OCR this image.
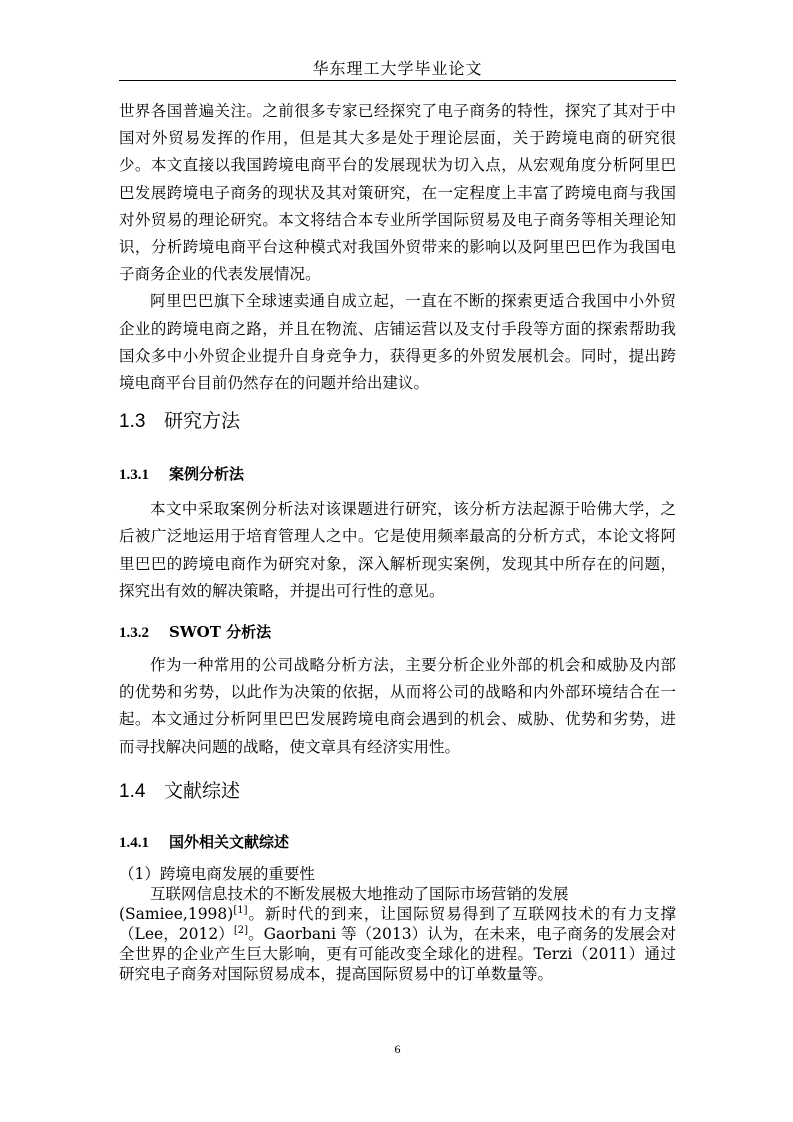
华东理工大学毕业论文

世界各国普遍关注。之前很多专家已经探究了电子商务的特性，探究了其对于中国对外贸易发挥的作用，但是其大多是处于理论层面，关于跨境电商的研究很少。本文直接以我国跨境电商平台的发展现状为切入点，从宏观角度分析阿里巴巴发展跨境电子商务的现状及其对策研究，在一定程度上丰富了跨境电商与我国对外贸易的理论研究。本文将结合本专业所学国际贸易及电子商务等相关理论知识，分析跨境电商平台这种模式对我国外贸带来的影响以及阿里巴巴作为我国电子商务企业的代表发展情况。

阿里巴巴旗下全球速卖通自成立起，一直在不断的探索更适合我国中小外贸企业的跨境电商之路，并且在物流、店铺运营以及支付手段等方面的探索帮助我国众多中小外贸企业提升自身竞争力，获得更多的外贸发展机会。同时，提出跨境电商平台目前仍然存在的问题并给出建议。

1.3 研究方法
1.3.1 案例分析法

本文中采取案例分析法对该课题进行研究，该分析方法起源于哈佛大学，之后被广泛地运用于培育管理人之中。它是使用频率最高的分析方式，本论文将阿里巴巴的跨境电商作为研究对象，深入解析现实案例，发现其中所存在的问题，探究出有效的解决策略，并提出可行性的意见。

1.3.2 SWOT 分析法

作为一种常用的公司战略分析方法，主要分析企业外部的机会和威胁及内部的优势和劣势，以此作为决策的依据，从而将公司的战略和内外部环境结合在一起。本文通过分析阿里巴巴发展跨境电商会遇到的机会、威胁、优势和劣势，进而寻找解决问题的战略，使文章具有经济实用性。

1.4 文献综述
1.4.1 国外相关文献综述

（1）跨境电商发展的重要性

互联网信息技术的不断发展极大地推动了国际市场营销的发展

(Samiee,1998)[1]。新时代的到来，让国际贸易得到了互联网技术的有力支撑（Lee，2012）[2]。Gaorbani 等（2013）认为，在未来，电子商务的发展会对全世界的企业产生巨大影响，更有可能改变全球化的进程。Terzi（2011）通过研究电子商务对国际贸易成本，提高国际贸易中的订单数量等。

6
